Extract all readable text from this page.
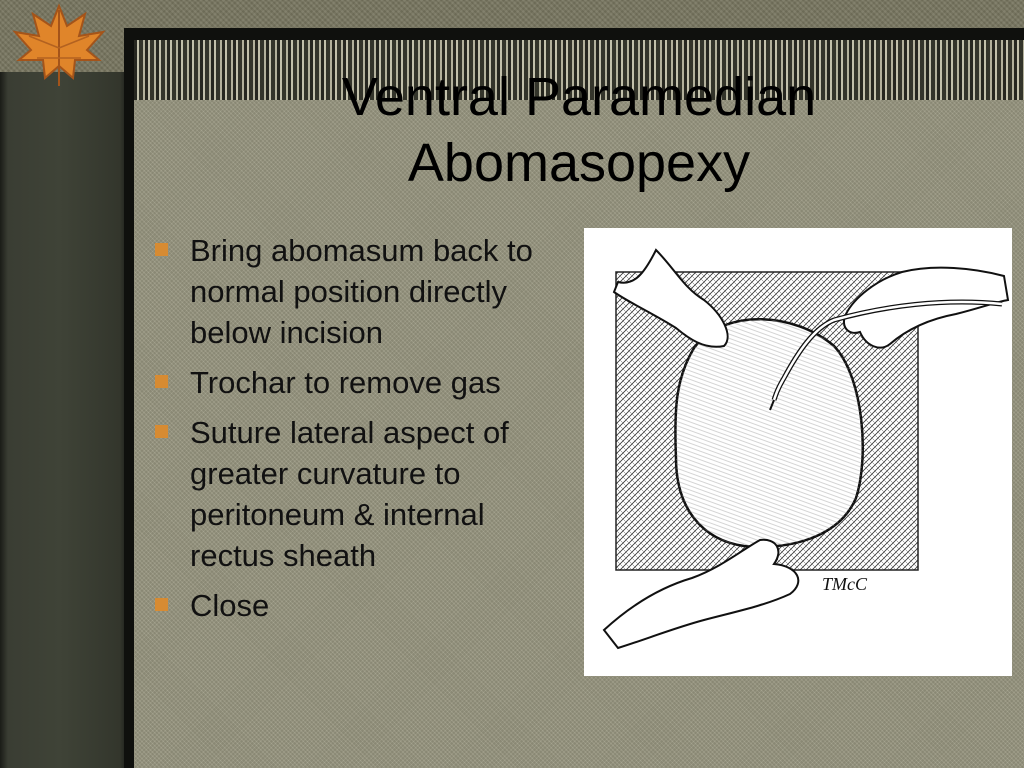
Ventral Paramedian
Abomasopexy
Bring abomasum back to normal position directly below incision
Trochar to remove gas
Suture lateral aspect of greater curvature to peritoneum & internal rectus sheath
Close
TMcC
